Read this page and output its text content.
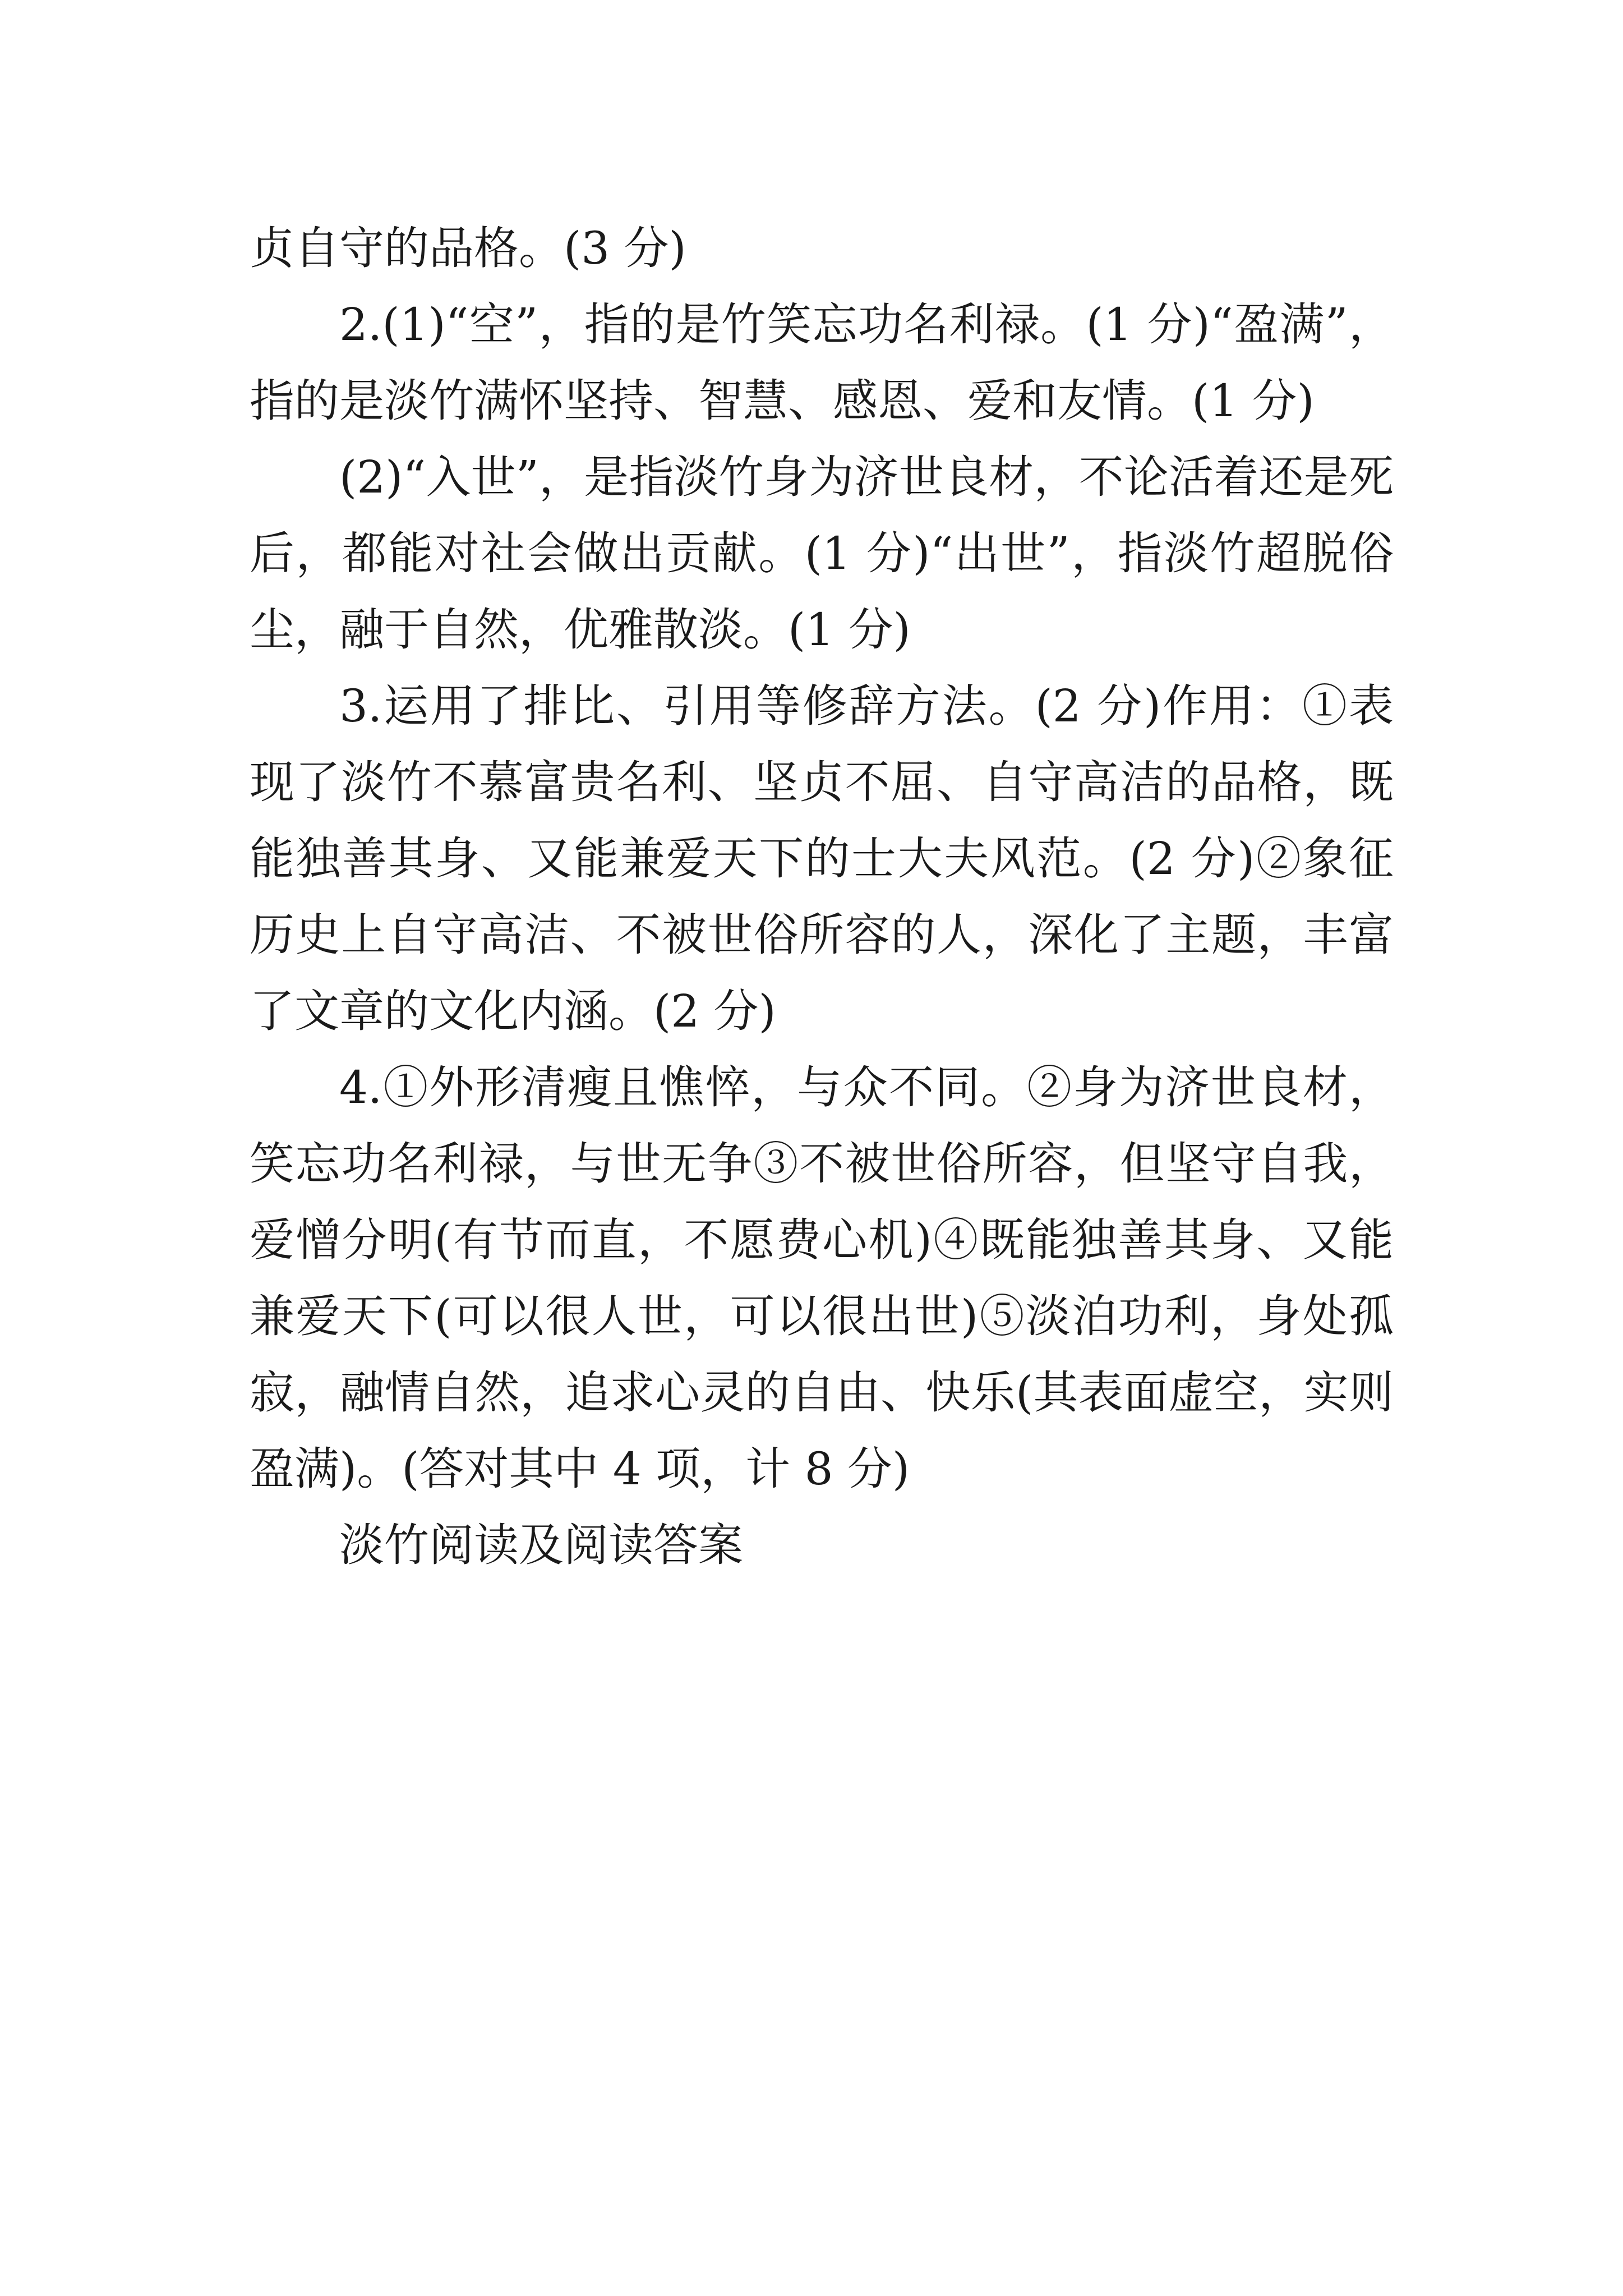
贞自守的品格。(3 分)

2.(1)“空”，指的是竹笑忘功名利禄。(1 分)“盈满”，指的是淡竹满怀坚持、智慧、感恩、爱和友情。(1 分)

(2)“入世”，是指淡竹身为济世良材，不论活着还是死后，都能对社会做出贡献。(1 分)“出世”，指淡竹超脱俗尘，融于自然，优雅散淡。(1 分)

3.运用了排比、引用等修辞方法。(2 分)作用：①表现了淡竹不慕富贵名利、坚贞不屈、自守高洁的品格，既能独善其身、又能兼爱天下的士大夫风范。(2 分)②象征历史上自守高洁、不被世俗所容的人，深化了主题，丰富了文章的文化内涵。(2 分)

4.①外形清瘦且憔悴，与众不同。②身为济世良材，笑忘功名利禄，与世无争③不被世俗所容，但坚守自我，爱憎分明(有节而直，不愿费心机)④既能独善其身、又能兼爱天下(可以很人世，可以很出世)⑤淡泊功利，身处孤寂，融情自然，追求心灵的自由、快乐(其表面虚空，实则盈满)。(答对其中 4 项，计 8 分)

淡竹阅读及阅读答案
